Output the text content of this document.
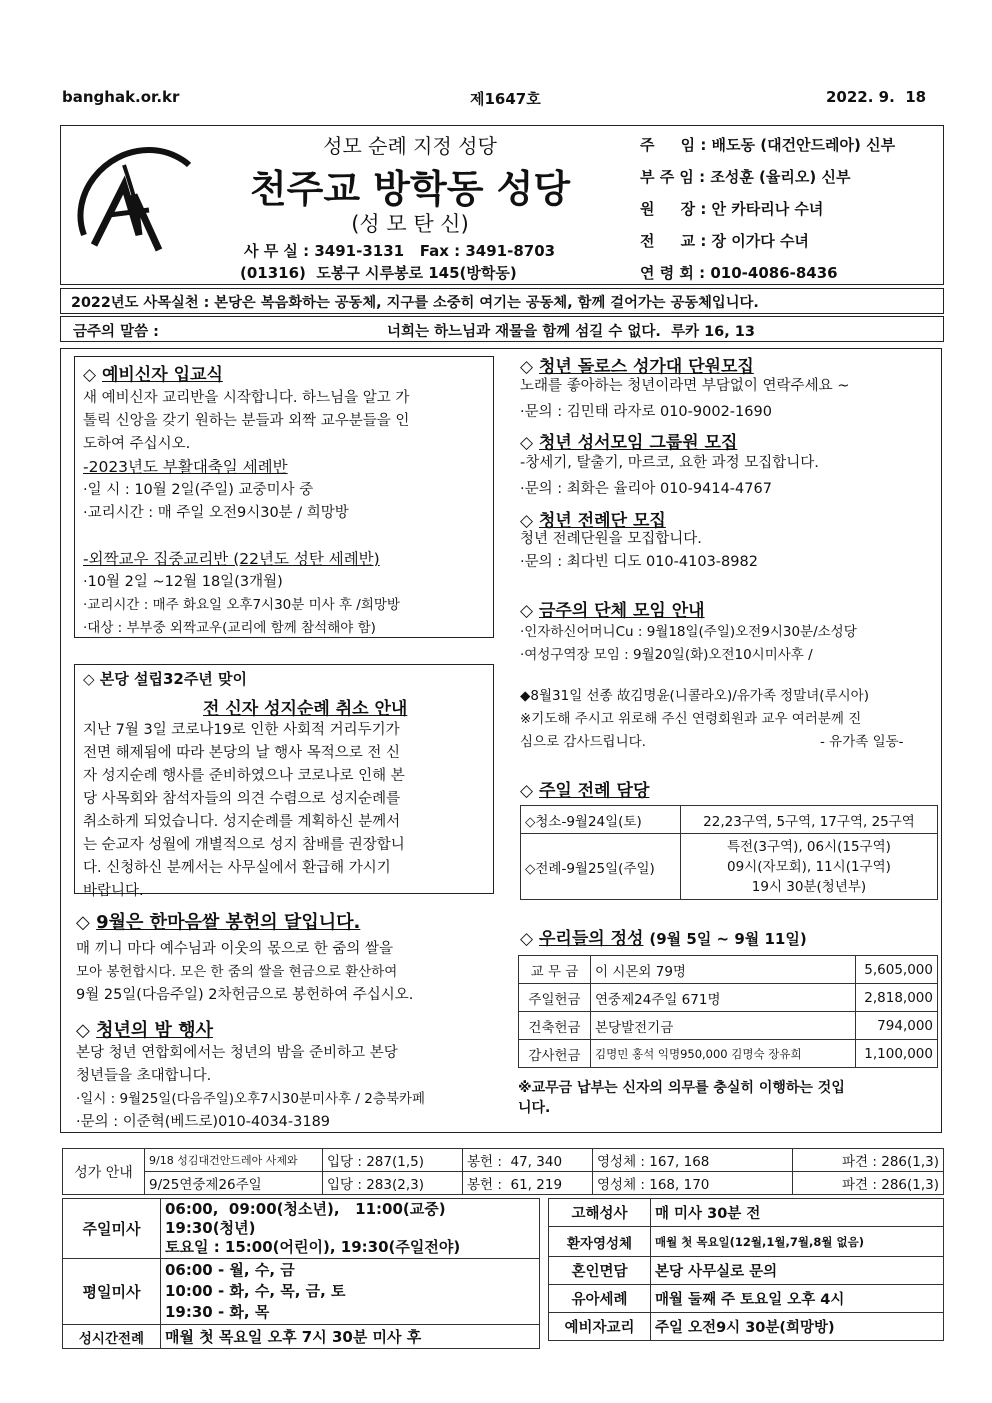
banghak.or.kr	제1647호	2022. 9.  18
성모 순례 지정 성당
천주교 방학동 성당
(성 모 탄 신)
사 무 실 : 3491-3131   Fax : 3491-8703
(01316)  도봉구 시루봉로 145(방학동)
주     임 : 배도동 (대건안드레아) 신부
부 주 임 : 조성훈 (율리오) 신부
원     장 : 안 카타리나 수녀
전     교 : 장 이가다 수녀
연 령 회 : 010-4086-8436
2022년도 사목실천 : 본당은 복음화하는 공동체, 지구를 소중히 여기는 공동체, 함께 걸어가는 공동체입니다.
금주의 말씀 :	너희는 하느님과 재물을 함께 섬길 수 없다.  루카 16, 13
◇ 예비신자 입교식
새 예비신자 교리반을 시작합니다. 하느님을 알고 가
톨릭 신앙을 갖기 원하는 분들과 외짝 교우분들을 인
도하여 주십시오.
-2023년도 부활대축일 세례반
·일 시 : 10월 2일(주일) 교중미사 중
·교리시간 : 매 주일 오전9시30분 / 희망방

-외짝교우 집중교리반 (22년도 성탄 세례반)
·10월 2일 ~12월 18일(3개월)
·교리시간 : 매주 화요일 오후7시30분 미사 후 /희망방
·대상 : 부부중 외짝교우(교리에 함께 참석해야 함)
◇ 본당 설립32주년 맞이
전 신자 성지순례 취소 안내
지난 7월 3일 코로나19로 인한 사회적 거리두기가
전면 해제됨에 따라 본당의 날 행사 목적으로 전 신
자 성지순례 행사를 준비하였으나 코로나로 인해 본
당 사목회와 참석자들의 의견 수렴으로 성지순례를
취소하게 되었습니다. 성지순례를 계획하신 분께서
는 순교자 성월에 개별적으로 성지 참배를 권장합니
다. 신청하신 분께서는 사무실에서 환급해 가시기
바랍니다.
◇ 9월은 한마음쌀 봉헌의 달입니다.
매 끼니 마다 예수님과 이웃의 몫으로 한 줌의 쌀을
모아 봉헌합시다. 모은 한 줌의 쌀을 현금으로 환산하여
9월 25일(다음주일) 2차헌금으로 봉헌하여 주십시오.
◇ 청년의 밤 행사
본당 청년 연합회에서는 청년의 밤을 준비하고 본당
청년들을 초대합니다.
·일시 : 9월25일(다음주일)오후7시30분미사후 / 2층북카페
·문의 : 이준혁(베드로)010-4034-3189
◇ 청년 돌로스 성가대 단원모집
노래를 좋아하는 청년이라면 부담없이 연락주세요 ~
·문의 : 김민태 라자로 010-9002-1690
◇ 청년 성서모임 그룹원 모집
-창세기, 탈출기, 마르코, 요한 과정 모집합니다.
·문의 : 최화은 율리아 010-9414-4767
◇ 청년 전례단 모집
청년 전례단원을 모집합니다.
·문의 : 최다빈 디도 010-4103-8982
◇ 금주의 단체 모임 안내
·인자하신어머니Cu : 9월18일(주일)오전9시30분/소성당
·여성구역장 모임 : 9월20일(화)오전10시미사후 /
◆8월31일 선종 故김명윤(니콜라오)/유가족 정말녀(루시아)
※기도해 주시고 위로해 주신 연령회원과 교우 여러분께 진
심으로 감사드립니다.	- 유가족 일동-
◇ 주일 전례 담당
◇청소-9월24일(토)	22,23구역, 5구역, 17구역, 25구역
◇전례-9월25일(주일)	특전(3구역), 06시(15구역)
09시(자모회), 11시(1구역)
19시 30분(청년부)
◇ 우리들의 정성 (9월 5일 ~ 9월 11일)
교 무 금	이 시몬외 79명	5,605,000
주일헌금	연중제24주일 671명	2,818,000
건축헌금	본당발전기금	794,000
감사헌금	김명민 홍석 익명950,000 김명숙 장유희	1,100,000
※교무금 납부는 신자의 의무를 충실히 이행하는 것입
니다.
성가 안내	9/18 성김대건안드레아 사제와	입당 : 287(1,5)	봉헌 :  47, 340	영성체 : 167, 168	파견 : 286(1,3)
	9/25연중제26주일	입당 : 283(2,3)	봉헌 :  61, 219	영성체 : 168, 170	파견 : 286(1,3)
주일미사	06:00,  09:00(청소년),   11:00(교중)
19:30(청년)
토요일 : 15:00(어린이), 19:30(주일전야)

평일미사	06:00 - 월, 수, 금
10:00 - 화, 수, 목, 금, 토
19:30 - 화, 목

성시간전례	매월 첫 목요일 오후 7시 30분 미사 후
고해성사	매 미사 30분 전
환자영성체	매월 첫 목요일(12월,1월,7월,8월 없음)
혼인면담	본당 사무실로 문의
유아세례	매월 둘째 주 토요일 오후 4시
예비자교리	주일 오전9시 30분(희망방)
